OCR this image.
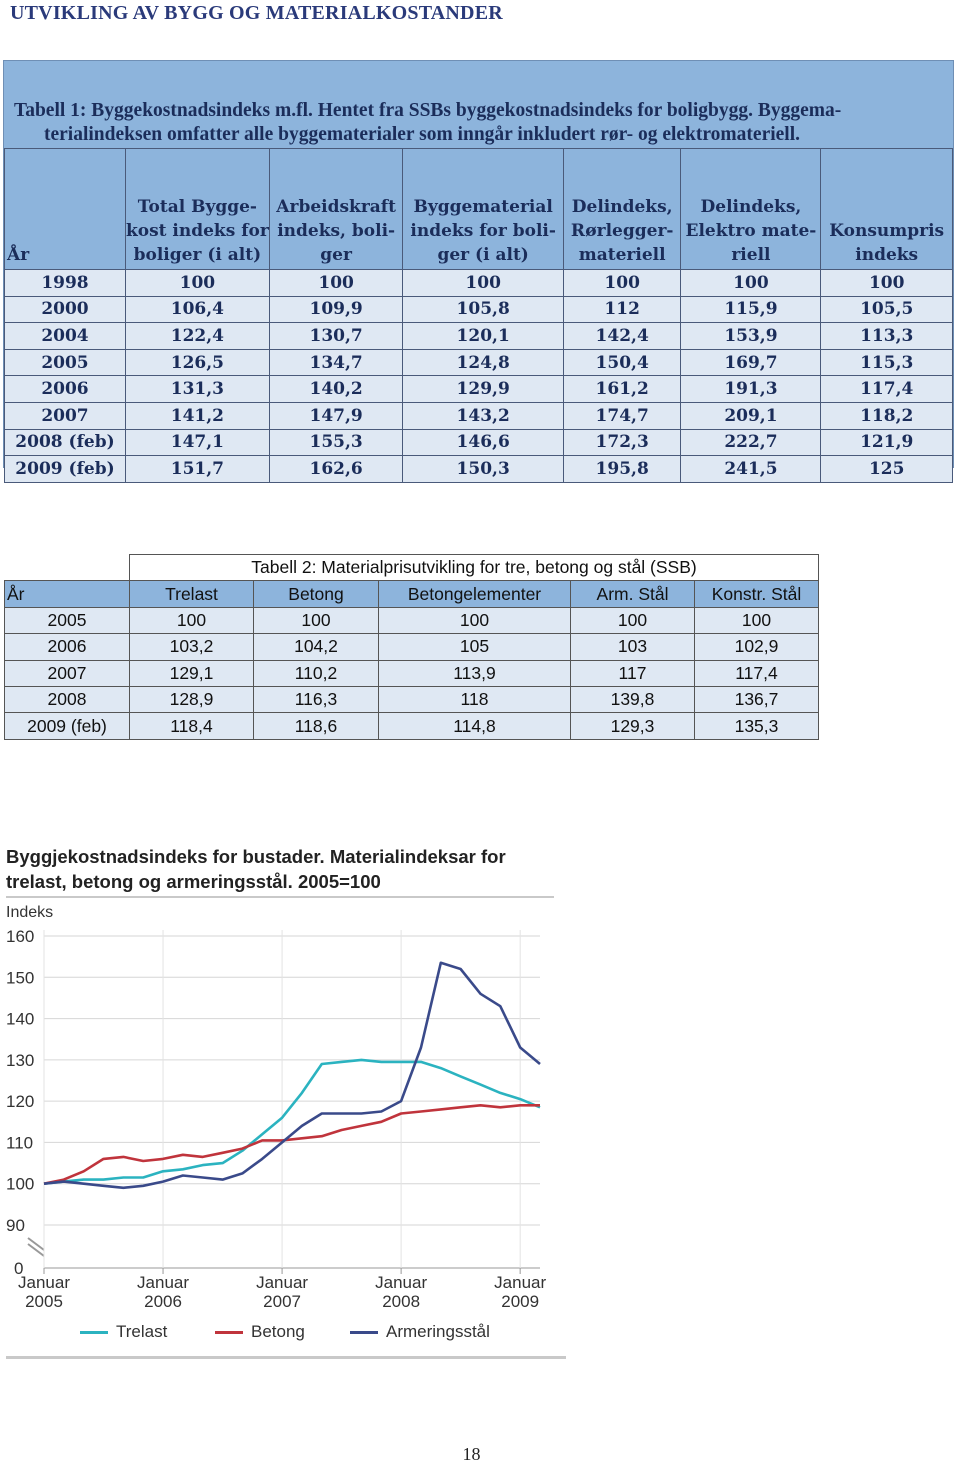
UTVIKLING AV BYGG OG MATERIALKOSTANDER
Tabell 1: Byggekostnadsindeks m.fl. Hentet fra SSBs byggekostnadsindeks for boligbygg. Byggema-
terialindeksen omfatter alle byggematerialer som inngår inkludert rør- og elektromateriell.
År	Total Bygge- kost indeks for boliger (i alt)	Arbeidskraft indeks, boli- ger	Byggematerial indeks for boli- ger (i alt)	Delindeks, Rørlegger- materiell	Delindeks, Elektro mate- riell	Konsumpris indeks
1998	100	100	100	100	100	100
2000	106,4	109,9	105,8	112	115,9	105,5
2004	122,4	130,7	120,1	142,4	153,9	113,3
2005	126,5	134,7	124,8	150,4	169,7	115,3
2006	131,3	140,2	129,9	161,2	191,3	117,4
2007	141,2	147,9	143,2	174,7	209,1	118,2
2008 (feb)	147,1	155,3	146,6	172,3	222,7	121,9
2009 (feb)	151,7	162,6	150,3	195,8	241,5	125
	Tabell 2: Materialprisutvikling for tre, betong og stål (SSB)				
År	Trelast	Betong	Betongelementer	Arm. Stål	Konstr. Stål
2005	100	100	100	100	100
2006	103,2	104,2	105	103	102,9
2007	129,1	110,2	113,9	117	117,4
2008	128,9	116,3	118	139,8	136,7
2009 (feb)	118,4	118,6	114,8	129,3	135,3
Byggjekostnadsindeks for bustader. Materialindeksar for
trelast, betong og armeringsstål. 2005=100
Indeks
160
150
140
130
120
110
100
90
0
Januar
2005
Januar
2006
Januar
2007
Januar
2008
Januar
2009
Trelast	Betong	Armeringsstål
18
